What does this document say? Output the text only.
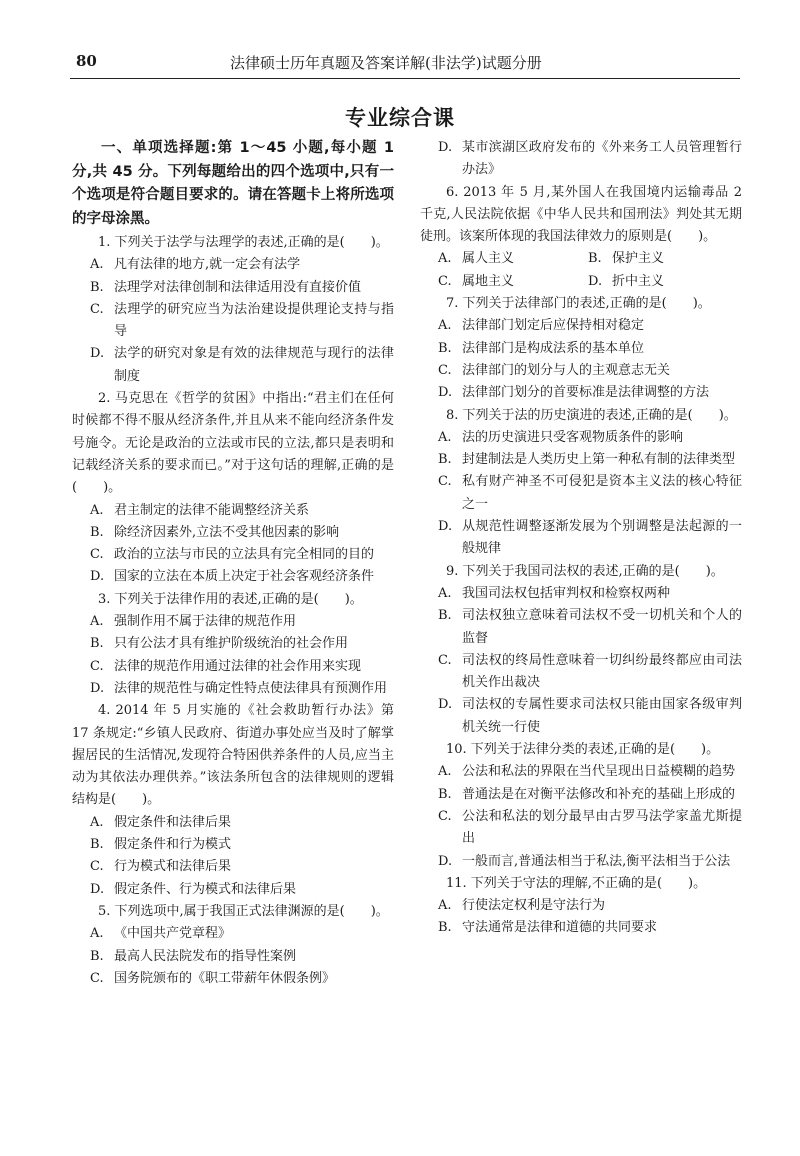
80	法律硕士历年真题及答案详解(非法学)试题分册
专业综合课
一、单项选择题:第 1～45 小题,每小题 1 分,共 45 分。下列每题给出的四个选项中,只有一个选项是符合题目要求的。请在答题卡上将所选项的字母涂黑。
1. 下列关于法学与法理学的表述,正确的是(　　)。
A. 凡有法律的地方,就一定会有法学
B. 法理学对法律创制和法律适用没有直接价值
C. 法理学的研究应当为法治建设提供理论支持与指导
D. 法学的研究对象是有效的法律规范与现行的法律制度
2. 马克思在《哲学的贫困》中指出:“君主们在任何时候都不得不服从经济条件,并且从来不能向经济条件发号施令。无论是政治的立法或市民的立法,都只是表明和记载经济关系的要求而已。”对于这句话的理解,正确的是(　　)。
A. 君主制定的法律不能调整经济关系
B. 除经济因素外,立法不受其他因素的影响
C. 政治的立法与市民的立法具有完全相同的目的
D. 国家的立法在本质上决定于社会客观经济条件
3. 下列关于法律作用的表述,正确的是(　　)。
A. 强制作用不属于法律的规范作用
B. 只有公法才具有维护阶级统治的社会作用
C. 法律的规范作用通过法律的社会作用来实现
D. 法律的规范性与确定性特点使法律具有预测作用
4. 2014 年 5 月实施的《社会救助暂行办法》第 17 条规定:“乡镇人民政府、街道办事处应当及时了解掌握居民的生活情况,发现符合特困供养条件的人员,应当主动为其依法办理供养。”该法条所包含的法律规则的逻辑结构是(　　)。
A. 假定条件和法律后果
B. 假定条件和行为模式
C. 行为模式和法律后果
D. 假定条件、行为模式和法律后果
5. 下列选项中,属于我国正式法律渊源的是(　　)。
A. 《中国共产党章程》
B. 最高人民法院发布的指导性案例
C. 国务院颁布的《职工带薪年休假条例》
D. 某市滨湖区政府发布的《外来务工人员管理暂行办法》
6. 2013 年 5 月,某外国人在我国境内运输毒品 2 千克,人民法院依据《中华人民共和国刑法》判处其无期徒刑。该案所体现的我国法律效力的原则是(　　)。
A. 属人主义	B. 保护主义
C. 属地主义	D. 折中主义
7. 下列关于法律部门的表述,正确的是(　　)。
A. 法律部门划定后应保持相对稳定
B. 法律部门是构成法系的基本单位
C. 法律部门的划分与人的主观意志无关
D. 法律部门划分的首要标准是法律调整的方法
8. 下列关于法的历史演进的表述,正确的是(　　)。
A. 法的历史演进只受客观物质条件的影响
B. 封建制法是人类历史上第一种私有制的法律类型
C. 私有财产神圣不可侵犯是资本主义法的核心特征之一
D. 从规范性调整逐渐发展为个别调整是法起源的一般规律
9. 下列关于我国司法权的表述,正确的是(　　)。
A. 我国司法权包括审判权和检察权两种
B. 司法权独立意味着司法权不受一切机关和个人的监督
C. 司法权的终局性意味着一切纠纷最终都应由司法机关作出裁决
D. 司法权的专属性要求司法权只能由国家各级审判机关统一行使
10. 下列关于法律分类的表述,正确的是(　　)。
A. 公法和私法的界限在当代呈现出日益模糊的趋势
B. 普通法是在对衡平法修改和补充的基础上形成的
C. 公法和私法的划分最早由古罗马法学家盖尤斯提出
D. 一般而言,普通法相当于私法,衡平法相当于公法
11. 下列关于守法的理解,不正确的是(　　)。
A. 行使法定权利是守法行为
B. 守法通常是法律和道德的共同要求
